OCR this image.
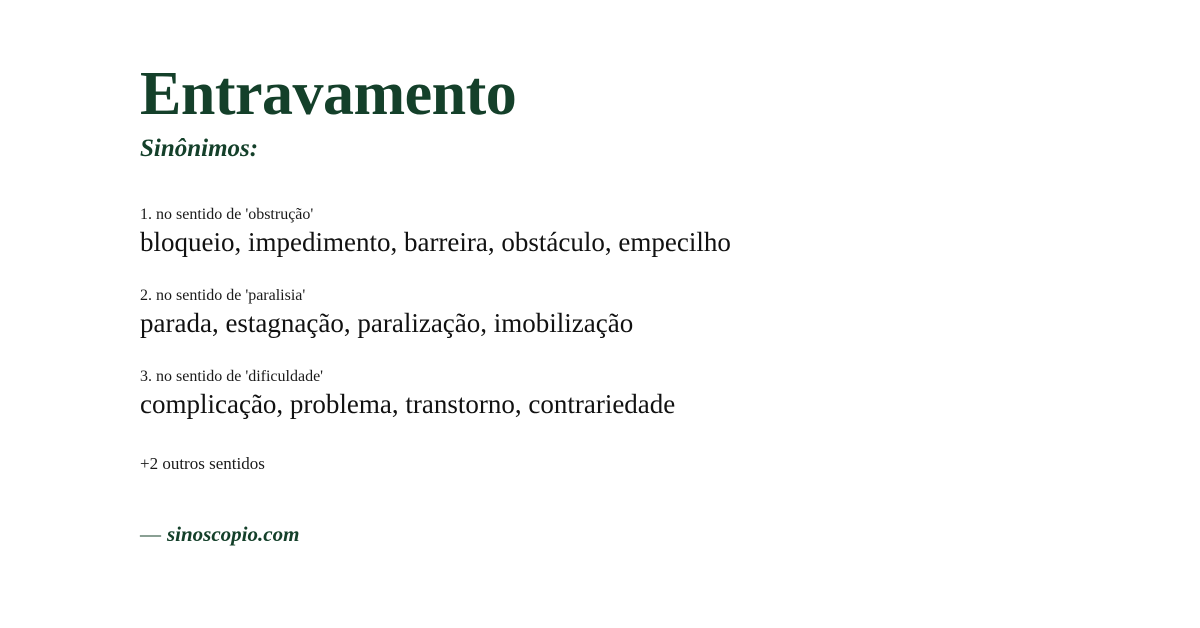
Entravamento
Sinônimos:
1. no sentido de 'obstrução'
bloqueio, impedimento, barreira, obstáculo, empecilho
2. no sentido de 'paralisia'
parada, estagnação, paralização, imobilização
3. no sentido de 'dificuldade'
complicação, problema, transtorno, contrariedade
+2 outros sentidos
— sinoscopio.com
